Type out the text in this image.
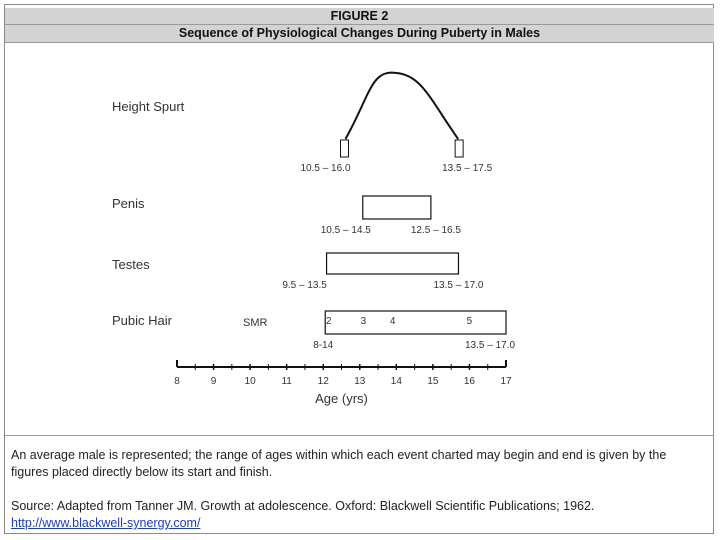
FIGURE 2
Sequence of Physiological Changes During Puberty in Males
Height Spurt
10.5 – 16.0	13.5 – 17.5
Penis
10.5 – 14.5	12.5 – 16.5
Testes
9.5 – 13.5	13.5 – 17.0
Pubic Hair	SMR	2	3 4	5
8-14	13.5 – 17.0
8	9	10	11	12	13	14	15	16	17
Age (yrs)
An average male is represented; the range of ages within which each event charted may begin and end is given by the figures placed directly below its start and finish.
Source: Adapted from Tanner JM. Growth at adolescence. Oxford: Blackwell Scientific Publications; 1962.
http://www.blackwell-synergy.com/
